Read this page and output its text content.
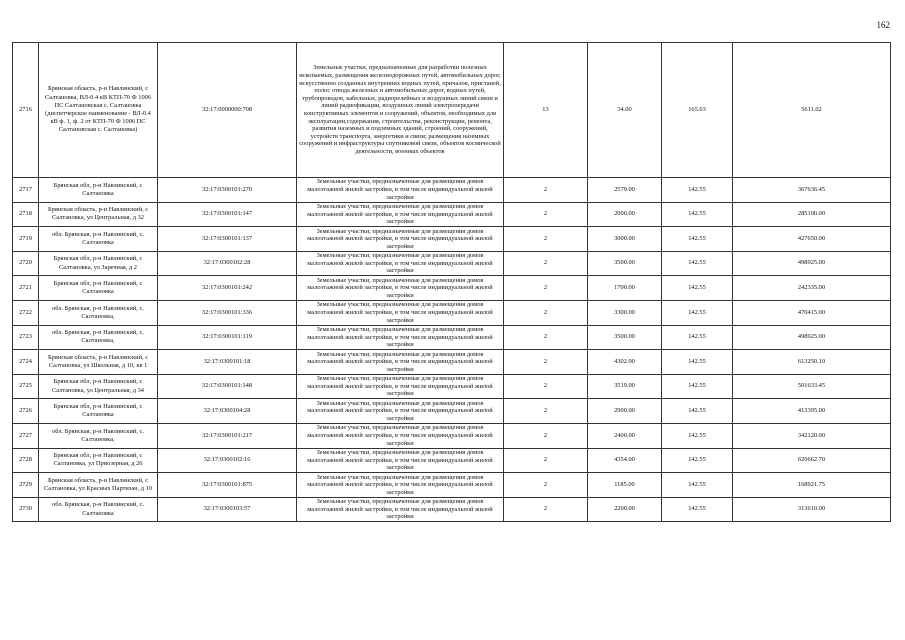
162
2716	Брянская область, р-н Навлинский, с Салтановка, ВЛ-0.4 кВ КТП-70 Ф 1006 ПС Салтановская с. Салтановка (диспетчерское наименование - ВЛ-0.4 кВ ф. 1, ф. 2 от КТП-70 Ф 1006 ПС Салтановская с. Салтановка)	32:17:0000000:708	Земельные участки, предназначенные для разработки полезных ископаемых, размещения железнодорожных путей, автомобильных дорог, искусственно созданных внутренних водных путей, причалов, пристаней, полос отвода железных и автомобильных дорог, водных путей, трубопроводов, кабельных, радиорелейных и воздушных линий связи и линий радиофикации, воздушных линий электропередачи конструктивных элементов и сооружений, объектов, необходимых для эксплуатации,содержания, строительства, реконструкции, ремонта, развития наземных и подземных зданий, строений, сооружений, устройств транспорта, энергетики и связи; размещения наземных сооружений и инфраструктуры спутниковой связи, объектов космической деятельности, военных объектов	13	34.00	165.03	5611.02
2717	Брянская обл, р-н Навлинский, с Салтановка	32:17:0300101:270	Земельные участки, предназначенные для размещения домов малоэтажной жилой застройки, в том числе индивидуальной жилой застройки	2	2579.00	142.55	367636.45
2718	Брянская область, р-н Навлинский, с Салтановка, ул Центральная, д 32	32:17:0300101:147	Земельные участки, предназначенные для размещения домов малоэтажной жилой застройки, в том числе индивидуальной жилой застройки	2	2000.00	142.55	285100.00
2719	обл. Брянская, р-н Навлинский, с. Салтановка	32:17:0300101:137	Земельные участки, предназначенные для размещения домов малоэтажной жилой застройки, в том числе индивидуальной жилой застройки	2	3000.00	142.55	427650.00
2720	Брянская обл, р-н Навлинский, с Салтановка, ул Заречная, д 2	32:17:0300102:28	Земельные участки, предназначенные для размещения домов малоэтажной жилой застройки, в том числе индивидуальной жилой застройки	2	3500.00	142.55	498925.00
2721	Брянская обл, р-н Навлинский, с Салтановка	32:17:0300101:242	Земельные участки, предназначенные для размещения домов малоэтажной жилой застройки, в том числе индивидуальной жилой застройки	2	1700.00	142.55	242335.00
2722	обл. Брянская, р-н Навлинский, с. Салтановка,	32:17:0300101:336	Земельные участки, предназначенные для размещения домов малоэтажной жилой застройки, в том числе индивидуальной жилой застройки	2	3300.00	142.55	470415.00
2723	обл. Брянская, р-н Навлинский, с. Салтановка,	32:17:0300101:119	Земельные участки, предназначенные для размещения домов малоэтажной жилой застройки, в том числе индивидуальной жилой застройки	2	3500.00	142.55	498925.00
2724	Брянская область, р-н Навлинский, с Салтановка, ул Школьная, д 10, кв 1	32:17:0300101:18	Земельные участки, предназначенные для размещения домов малоэтажной жилой застройки, в том числе индивидуальной жилой застройки	2	4302.00	142.55	613250.10
2725	Брянская обл, р-н Навлинский, с Салтановка, ул Центральная, д 34	32:17:0300101:148	Земельные участки, предназначенные для размещения домов малоэтажной жилой застройки, в том числе индивидуальной жилой застройки	2	3519.00	142.55	501633.45
2726	Брянская обл, р-н Навлинский, с Салтановка	32:17:0300104:28	Земельные участки, предназначенные для размещения домов малоэтажной жилой застройки, в том числе индивидуальной жилой застройки	2	2900.00	142.55	413395.00
2727	обл. Брянская, р-н Навлинский, с. Салтановка,	32:17:0300101:217	Земельные участки, предназначенные для размещения домов малоэтажной жилой застройки, в том числе индивидуальной жилой застройки	2	2400.00	142.55	342120.00
2728	Брянская обл, р-н Навлинский, с Салтановка, ул Приозерная, д 26	32:17:0300102:16	Земельные участки, предназначенные для размещения домов малоэтажной жилой застройки, в том числе индивидуальной жилой застройки	2	4354.00	142.55	620662.70
2729	Брянская область, р-н Навлинский, с Салтановка, ул Красных Партизан, д 10	32:17:0300101:875	Земельные участки, предназначенные для размещения домов малоэтажной жилой застройки, в том числе индивидуальной жилой застройки	2	1185.00	142.55	168921.75
2730	обл. Брянская, р-н Навлинский, с. Салтановка	32:17:0300103:57	Земельные участки, предназначенные для размещения домов малоэтажной жилой застройки, в том числе индивидуальной жилой застройки	2	2200.00	142.55	313610.00
